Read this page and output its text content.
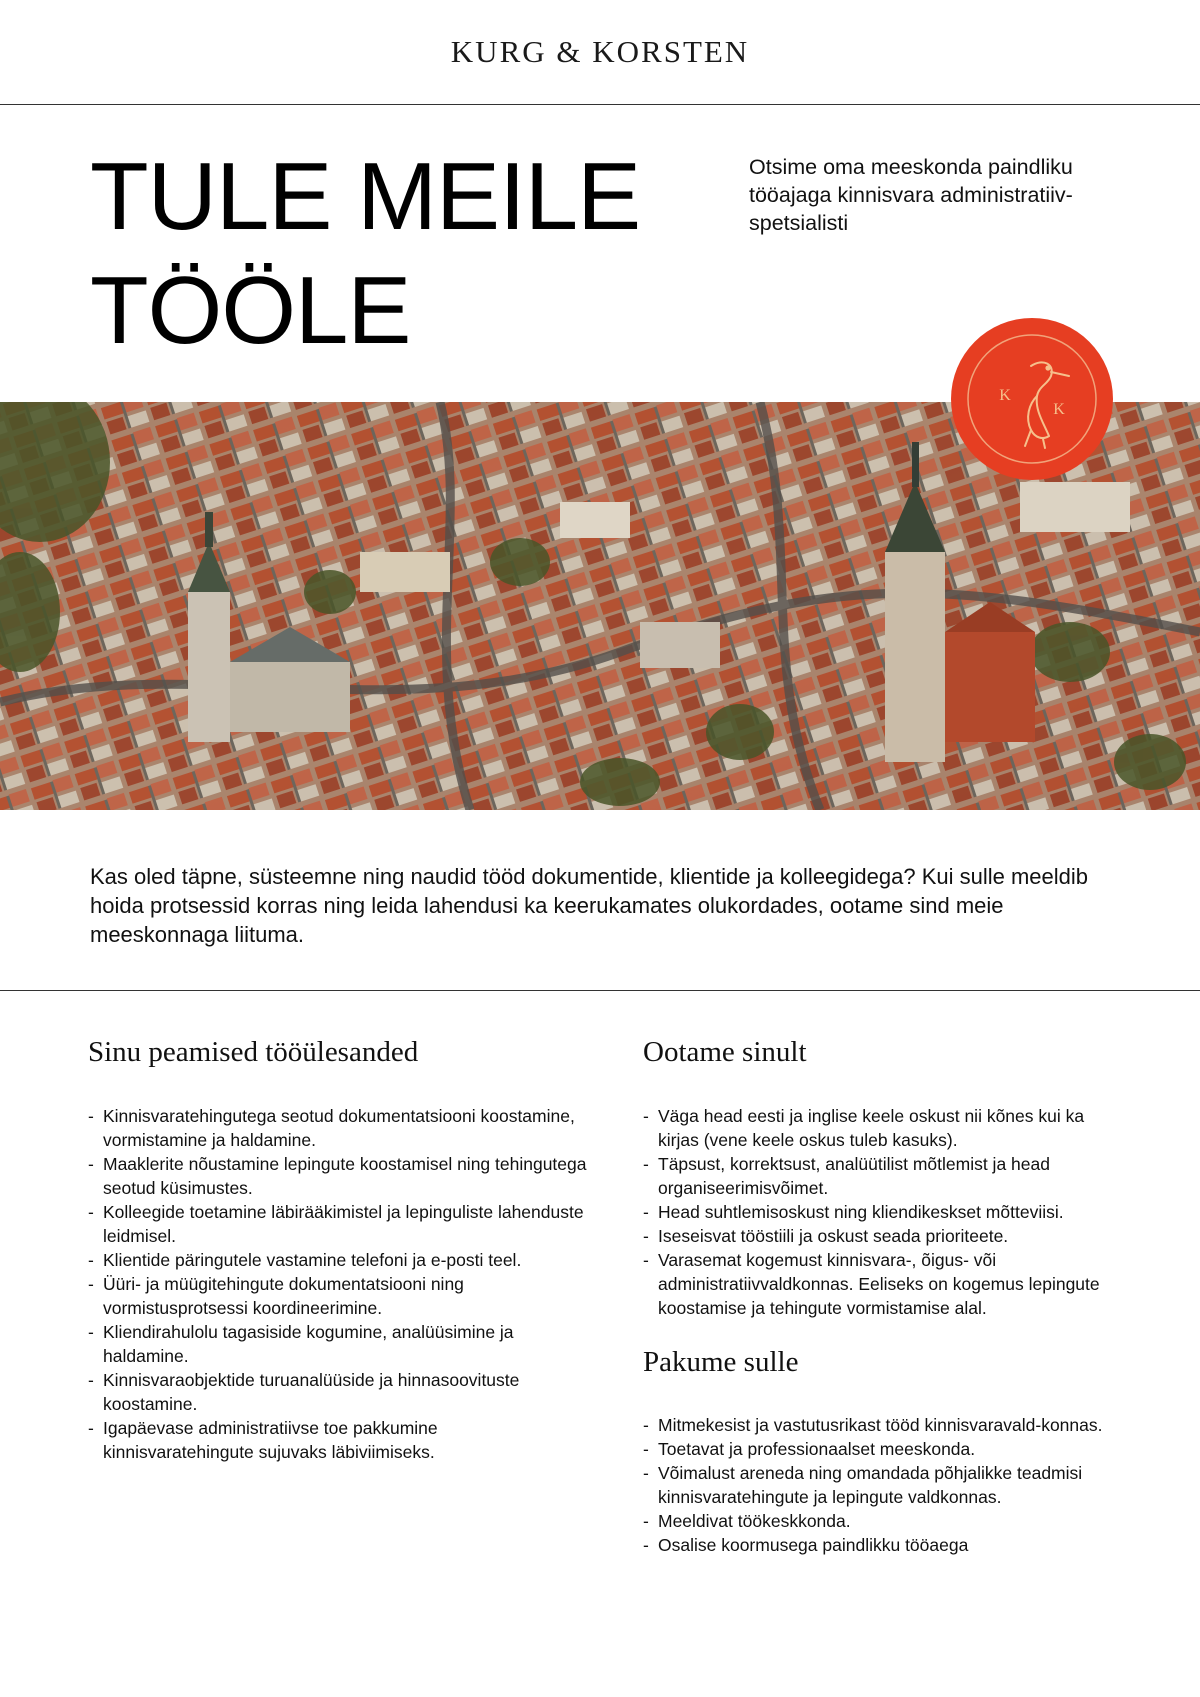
KURG & KORSTEN
TULE MEILE
TÖÖLE

Otsime oma meeskonda paindliku tööajaga kinnisvara administratiiv-spetsialisti

K
K

Kas oled täpne, süsteemne ning naudid tööd dokumentide, klientide ja kolleegidega? Kui sulle meeldib hoida protsessid korras ning leida lahendusi ka keerukamates olukordades, ootame sind meie meeskonnaga liituma.

Sinu peamised tööülesanded
- Kinnisvaratehingutega seotud dokumentatsiooni koostamine, vormistamine ja haldamine.
- Maaklerite nõustamine lepingute koostamisel ning tehingutega seotud küsimustes.
- Kolleegide toetamine läbirääkimistel ja lepinguliste lahenduste leidmisel.
- Klientide päringutele vastamine telefoni ja e-posti teel.
- Üüri- ja müügitehingute dokumentatsiooni ning vormistusprotsessi koordineerimine.
- Kliendirahulolu tagasiside kogumine, analüüsimine ja haldamine.
- Kinnisvaraobjektide turuanalüüside ja hinnasoovituste koostamine.
- Igapäevase administratiivse toe pakkumine kinnisvaratehingute sujuvaks läbiviimiseks.
Ootame sinult
- Väga head eesti ja inglise keele oskust nii kõnes kui ka kirjas (vene keele oskus tuleb kasuks).
- Täpsust, korrektsust, analüütilist mõtlemist ja head organiseerimisvõimet.
- Head suhtlemisoskust ning kliendikeskset mõtteviisi.
- Iseseisvat tööstiili ja oskust seada prioriteete.
- Varasemat kogemust kinnisvara-, õigus- või administratiivvaldkonnas. Eeliseks on kogemus lepingute koostamise ja tehingute vormistamise alal.
Pakume sulle
- Mitmekesist ja vastutusrikast tööd kinnisvaravald-konnas.
- Toetavat ja professionaalset meeskonda.
- Võimalust areneda ning omandada põhjalikke teadmisi kinnisvaratehingute ja lepingute valdkonnas.
- Meeldivat töökeskkonda.
- Osalise koormusega paindlikku tööaega
